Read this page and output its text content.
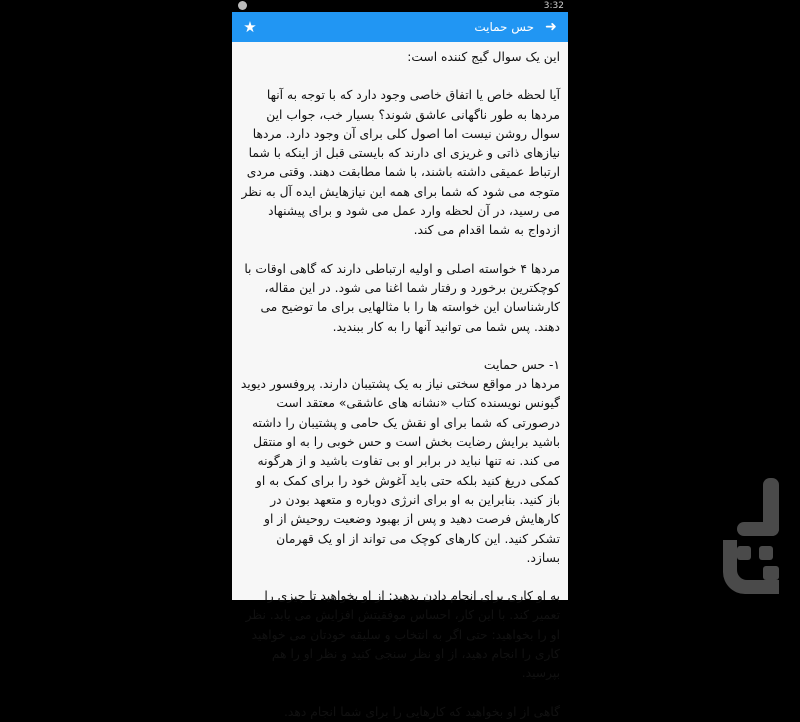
3:32
★	حس حمایت ➜

این یک سوال گیج کننده است:

آیا لحظه خاص یا اتفاق خاصی وجود دارد که با توجه به آنها مردها به طور ناگهانی عاشق شوند؟ بسیار خب، جواب این سوال روشن نیست اما اصول کلی برای آن وجود دارد. مردها نیازهای ذاتی و غریزی ای دارند که بایستی قبل از اینکه با شما ارتباط عمیقی داشته باشند، با شما مطابقت دهند. وقتی مردی متوجه می شود که شما برای همه این نیازهایش ایده آل به نظر می رسید، در آن لحظه وارد عمل می شود و برای پیشنهاد ازدواج به شما اقدام می کند.

مردها ۴ خواسته اصلی و اولیه ارتباطی دارند که گاهی اوقات با کوچکترین برخورد و رفتار شما اغنا می شود. در این مقاله، کارشناسان این خواسته ها را با مثالهایی برای ما توضیح می دهند. پس شما می توانید آنها را به کار ببندید.

۱- حس حمایت

مردها در مواقع سختی نیاز به یک پشتیبان دارند. پروفسور دیوید گیونس نویسنده کتاب «نشانه های عاشقی» معتقد است درصورتی که شما برای او نقش یک حامی و پشتیبان را داشته باشید برایش رضایت بخش است و حس خوبی را به او منتقل می کند. نه تنها نباید در برابر او بی تفاوت باشید و از هرگونه کمکی دریغ کنید بلکه حتی باید آغوش خود را برای کمک به او باز کنید. بنابراین به او برای انرژی دوباره و متعهد بودن در کارهایش فرصت دهید و پس از بهبود وضعیت روحیش از او تشکر کنید. این کارهای کوچک می تواند از او یک قهرمان بسازد.

به او کاری برای انجام دادن بدهید: از او بخواهید تا چیزی را تعمیر کند. با این کار، احساس موفقیتش افزایش می یابد. نظر او را بخواهید: حتی اگر به انتخاب و سلیقه خودتان می خواهید کاری را انجام دهید، از او نظر سنجی کنید و نظر او را هم بپرسید.

گاهی از او بخواهید که کارهایی را برای شما انجام دهد.
